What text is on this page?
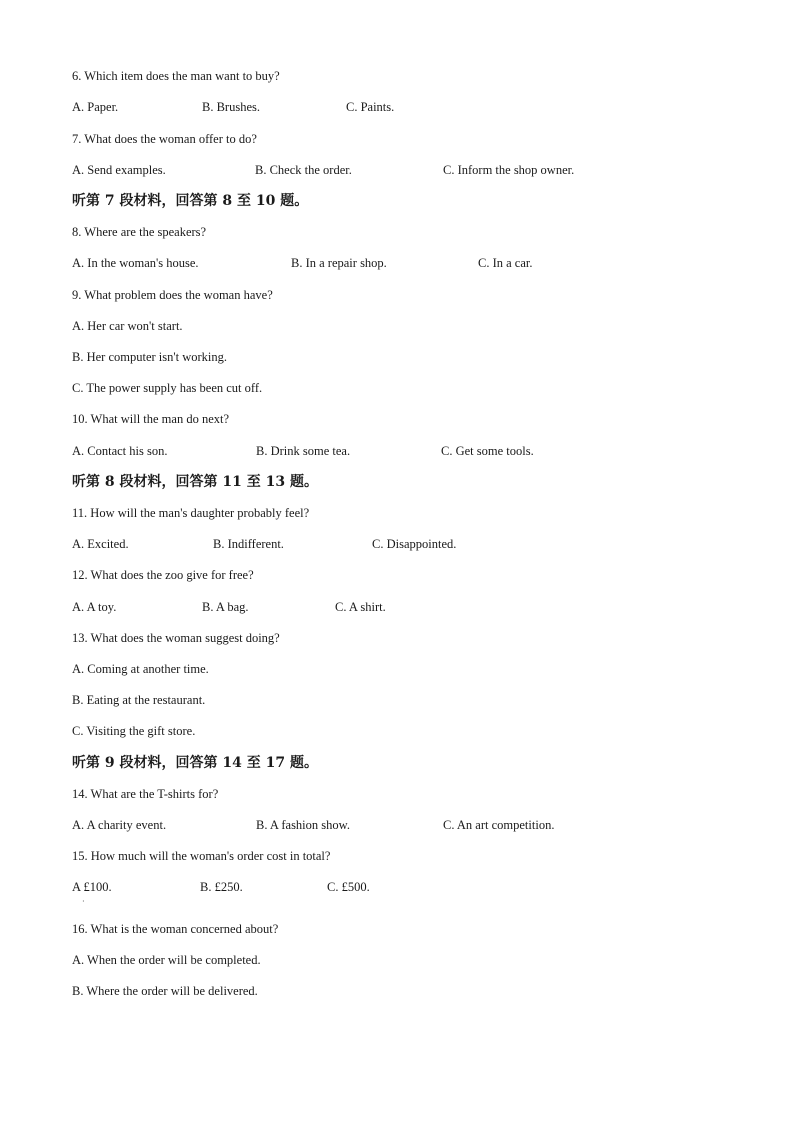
6. Which item does the man want to buy?
A. Paper.	B. Brushes.	C. Paints.
7. What does the woman offer to do?
A. Send examples.	B. Check the order.	C. Inform the shop owner.
听第 7 段材料，回答第 8 至 10 题。
8. Where are the speakers?
A. In the woman's house.	B. In a repair shop.	C. In a car.
9. What problem does the woman have?
A. Her car won't start.
B. Her computer isn't working.
C. The power supply has been cut off.
10. What will the man do next?
A. Contact his son.	B. Drink some tea.	C. Get some tools.
听第 8 段材料，回答第 11 至 13 题。
11. How will the man's daughter probably feel?
A. Excited.	B. Indifferent.	C. Disappointed.
12. What does the zoo give for free?
A. A toy.	B. A bag.	C. A shirt.
13. What does the woman suggest doing?
A. Coming at another time.
B. Eating at the restaurant.
C. Visiting the gift store.
听第 9 段材料，回答第 14 至 17 题。
14. What are the T-shirts for?
A. A charity event.	B. A fashion show.	C. An art competition.
15. How much will the woman's order cost in total?
A £100.	B. £250.	C. £500.
·
16. What is the woman concerned about?
A. When the order will be completed.
B. Where the order will be delivered.
